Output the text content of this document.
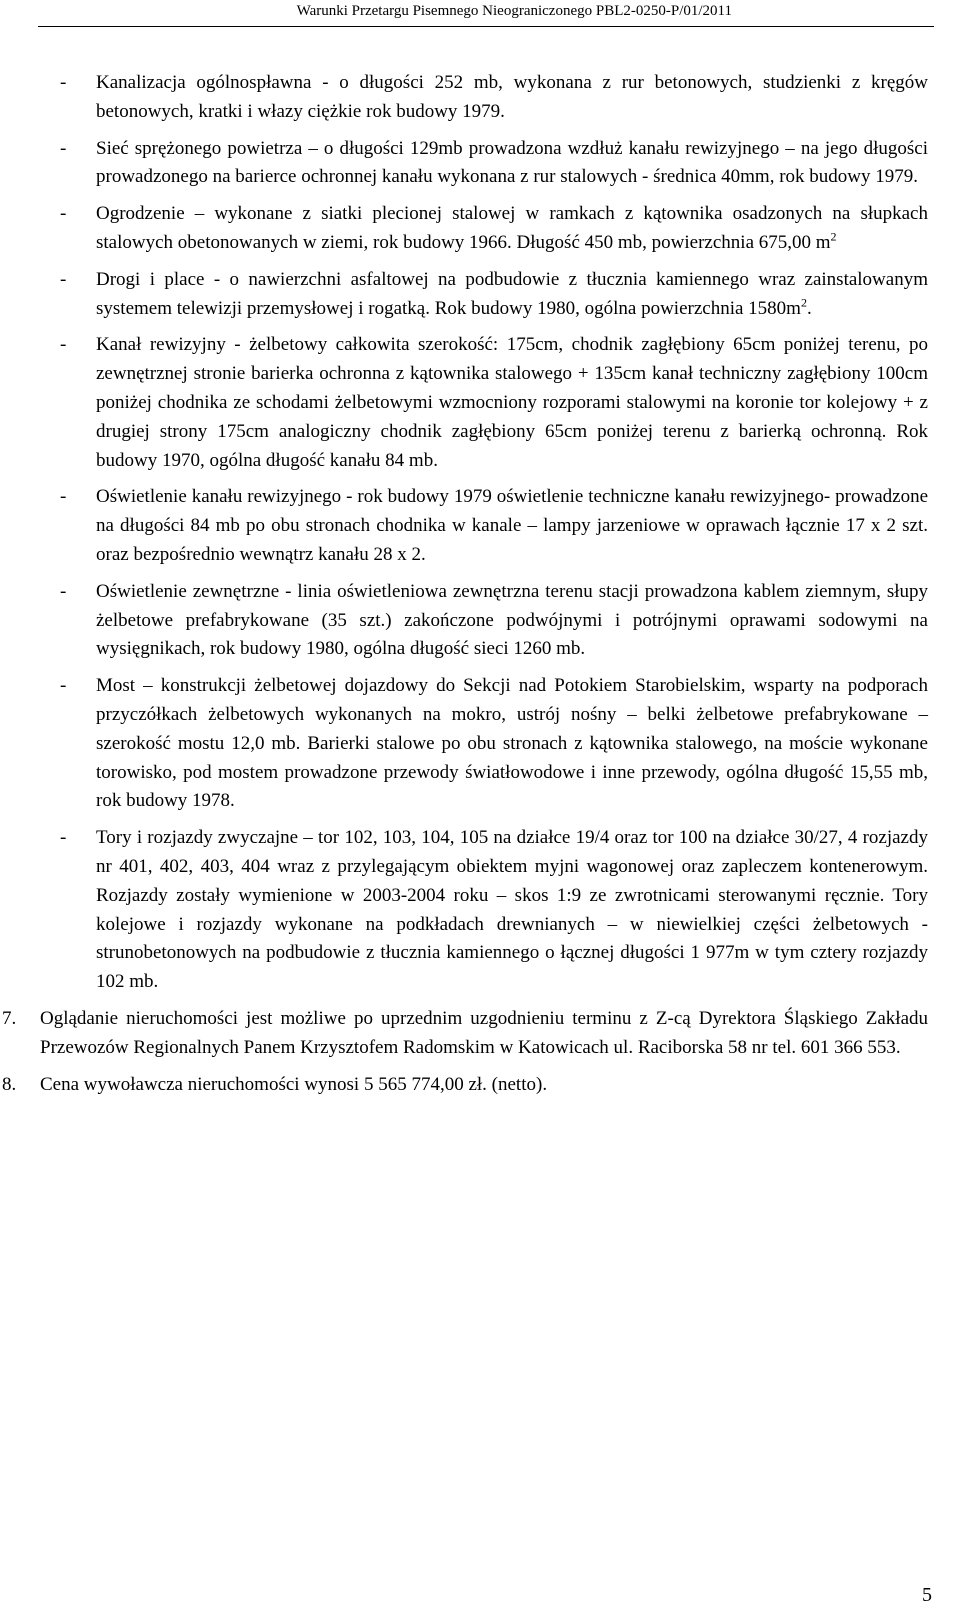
Warunki Przetargu Pisemnego Nieograniczonego PBL2-0250-P/01/2011
-	Kanalizacja ogólnospławna - o długości 252 mb, wykonana z rur betonowych, studzienki z kręgów betonowych, kratki i włazy ciężkie rok budowy 1979.
-	Sieć sprężonego powietrza – o długości 129mb prowadzona wzdłuż kanału rewizyjnego – na jego długości prowadzonego na barierce ochronnej kanału wykonana z rur stalowych - średnica 40mm, rok budowy 1979.
-	Ogrodzenie – wykonane z siatki plecionej stalowej w ramkach z kątownika osadzonych na słupkach stalowych obetonowanych w ziemi, rok budowy 1966. Długość 450 mb, powierzchnia 675,00 $m^2$
-	Drogi i place - o nawierzchni asfaltowej na podbudowie z tłucznia kamiennego wraz zainstalowanym systemem telewizji przemysłowej i rogatką. Rok budowy 1980, ogólna powierzchnia $1580m^2$.
-	Kanał rewizyjny - żelbetowy całkowita szerokość: 175cm, chodnik zagłębiony 65cm poniżej terenu, po zewnętrznej stronie barierka ochronna z kątownika stalowego + 135cm kanał techniczny zagłębiony 100cm poniżej chodnika ze schodami żelbetowymi wzmocniony rozporami stalowymi na koronie tor kolejowy + z drugiej strony 175cm analogiczny chodnik zagłębiony 65cm poniżej terenu z barierką ochronną. Rok budowy 1970, ogólna długość kanału 84 mb.
-	Oświetlenie kanału rewizyjnego - rok budowy 1979 oświetlenie techniczne kanału rewizyjnego- prowadzone na długości 84 mb po obu stronach chodnika w kanale – lampy jarzeniowe w oprawach łącznie 17 x 2 szt. oraz bezpośrednio wewnątrz kanału 28 x 2.
-	Oświetlenie zewnętrzne - linia oświetleniowa zewnętrzna terenu stacji prowadzona kablem ziemnym, słupy żelbetowe prefabrykowane (35 szt.) zakończone podwójnymi i potrójnymi oprawami sodowymi na wysięgnikach, rok budowy 1980, ogólna długość sieci 1260 mb.
-	Most – konstrukcji żelbetowej dojazdowy do Sekcji nad Potokiem Starobielskim, wsparty na podporach przyczółkach żelbetowych wykonanych na mokro, ustrój nośny – belki żelbetowe prefabrykowane – szerokość mostu 12,0 mb. Barierki stalowe po obu stronach z kątownika stalowego, na moście wykonane torowisko, pod mostem prowadzone przewody światłowodowe i inne przewody, ogólna długość 15,55 mb, rok budowy 1978.
-	Tory i rozjazdy zwyczajne – tor 102, 103, 104, 105 na działce 19/4 oraz tor 100 na działce 30/27, 4 rozjazdy nr 401, 402, 403, 404 wraz z przylegającym obiektem myjni wagonowej oraz zapleczem kontenerowym. Rozjazdy zostały wymienione w 2003-2004 roku – skos 1:9 ze zwrotnicami sterowanymi ręcznie. Tory kolejowe i rozjazdy wykonane na podkładach drewnianych – w niewielkiej części żelbetowych - strunobetonowych na podbudowie z tłucznia kamiennego o łącznej długości 1 977m w tym cztery rozjazdy 102 mb.
7.	Oglądanie nieruchomości jest możliwe po uprzednim uzgodnieniu terminu z Z-cą Dyrektora Śląskiego Zakładu Przewozów Regionalnych Panem Krzysztofem Radomskim w Katowicach ul. Raciborska 58 nr tel. 601 366 553.
8.	Cena wywoławcza nieruchomości wynosi 5 565 774,00 zł. (netto).
5
